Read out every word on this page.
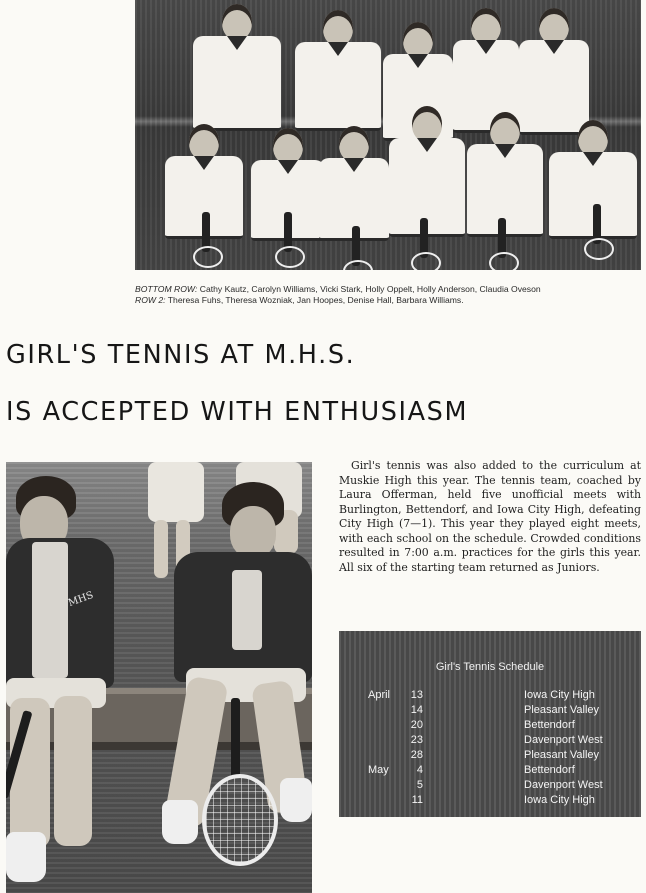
BOTTOM ROW: Cathy Kautz, Carolyn Williams, Vicki Stark, Holly Oppelt, Holly Anderson, Claudia Oveson
ROW 2: Theresa Fuhs, Theresa Wozniak, Jan Hoopes, Denise Hall, Barbara Williams.
GIRL'S TENNIS AT M.H.S.
IS ACCEPTED WITH ENTHUSIASM
MHS

Girl's tennis was also added to the curriculum at Muskie High this year. The tennis team, coached by Laura Offerman, held five unofficial meets with Burlington, Bettendorf, and Iowa City High, defeating City High (7—1). This year they played eight meets, with each school on the schedule. Crowded conditions resulted in 7:00 a.m. practices for the girls this year. All six of the starting team returned as Juniors.

Girl's Tennis Schedule
April	13	Iowa City High
14	Pleasant Valley
20	Bettendorf
23	Davenport West
28	Pleasant Valley
May	4	Bettendorf
5	Davenport West
11	Iowa City High
